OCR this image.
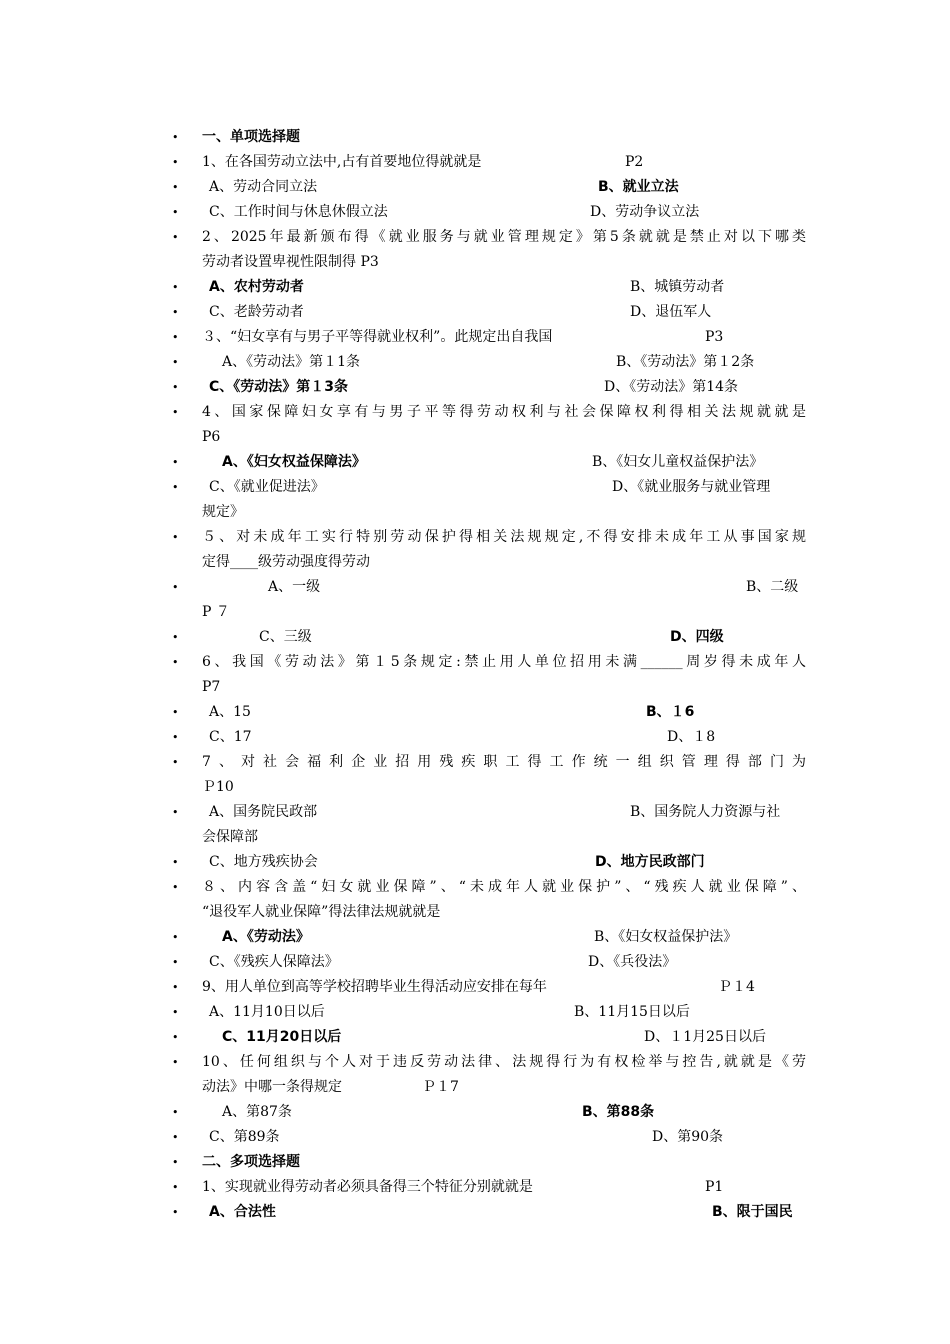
• 一、单项选择题
• 1、在各国劳动立法中,占有首要地位得就就是	P2
• A、劳动合同立法	B、就业立法
• C、工作时间与休息休假立法	D、劳动争议立法
• 2、2025年最新颁布得《就业服务与就业管理规定》第5条就就是禁止对以下哪类
劳动者设置卑视性限制得 P3
• A、农村劳动者	B、城镇劳动者
• C、老龄劳动者	D、退伍军人
• ３、“妇女享有与男子平等得就业权利”。此规定出自我国	P3
•	A、《劳动法》第１1条	B、《劳动法》第１2条
• C、《劳动法》第１3条	D、《劳动法》第14条
• 4、国家保障妇女享有与男子平等得劳动权利与社会保障权利得相关法规就就是
P6
•	A、《妇女权益保障法》	B、《妇女儿童权益保护法》
• C、《就业促进法》	D、《就业服务与就业管理
规定》
• ５、对未成年工实行特别劳动保护得相关法规规定,不得安排未成年工从事国家规
定得____级劳动强度得劳动
•	A、一级	B、二级
P ７
•	C、三级	D、四级
• 6、我国《劳动法》第１5条规定:禁止用人单位招用未满______周岁得未成年人
P7
• A、15	B、１6
• C、17	D、１8
• 7、对社会福利企业招用残疾职工得工作统一组织管理得部门为
Ｐ10
• A、国务院民政部	B、国务院人力资源与社
会保障部
• C、地方残疾协会	D、地方民政部门
• ８、内容含盖“妇女就业保障”、“未成年人就业保护”、“残疾人就业保障”、
“退役军人就业保障”得法律法规就就是
•	A、《劳动法》	B、《妇女权益保护法》
• C、《残疾人保障法》	D、《兵役法》
• 9、用人单位到高等学校招聘毕业生得活动应安排在每年	Ｐ１4
• A、11月10日以后	B、11月15日以后
•	C、11月20日以后	D、１1月25日以后
• 10、任何组织与个人对于违反劳动法律、法规得行为有权检举与控告,就就是《劳
动法》中哪一条得规定	Ｐ１7
•	A、第87条	B、第88条
• C、第89条	D、第90条
• 二、多项选择题
• 1、实现就业得劳动者必须具备得三个特征分别就就是	P1
• A、合法性	B、限于国民
